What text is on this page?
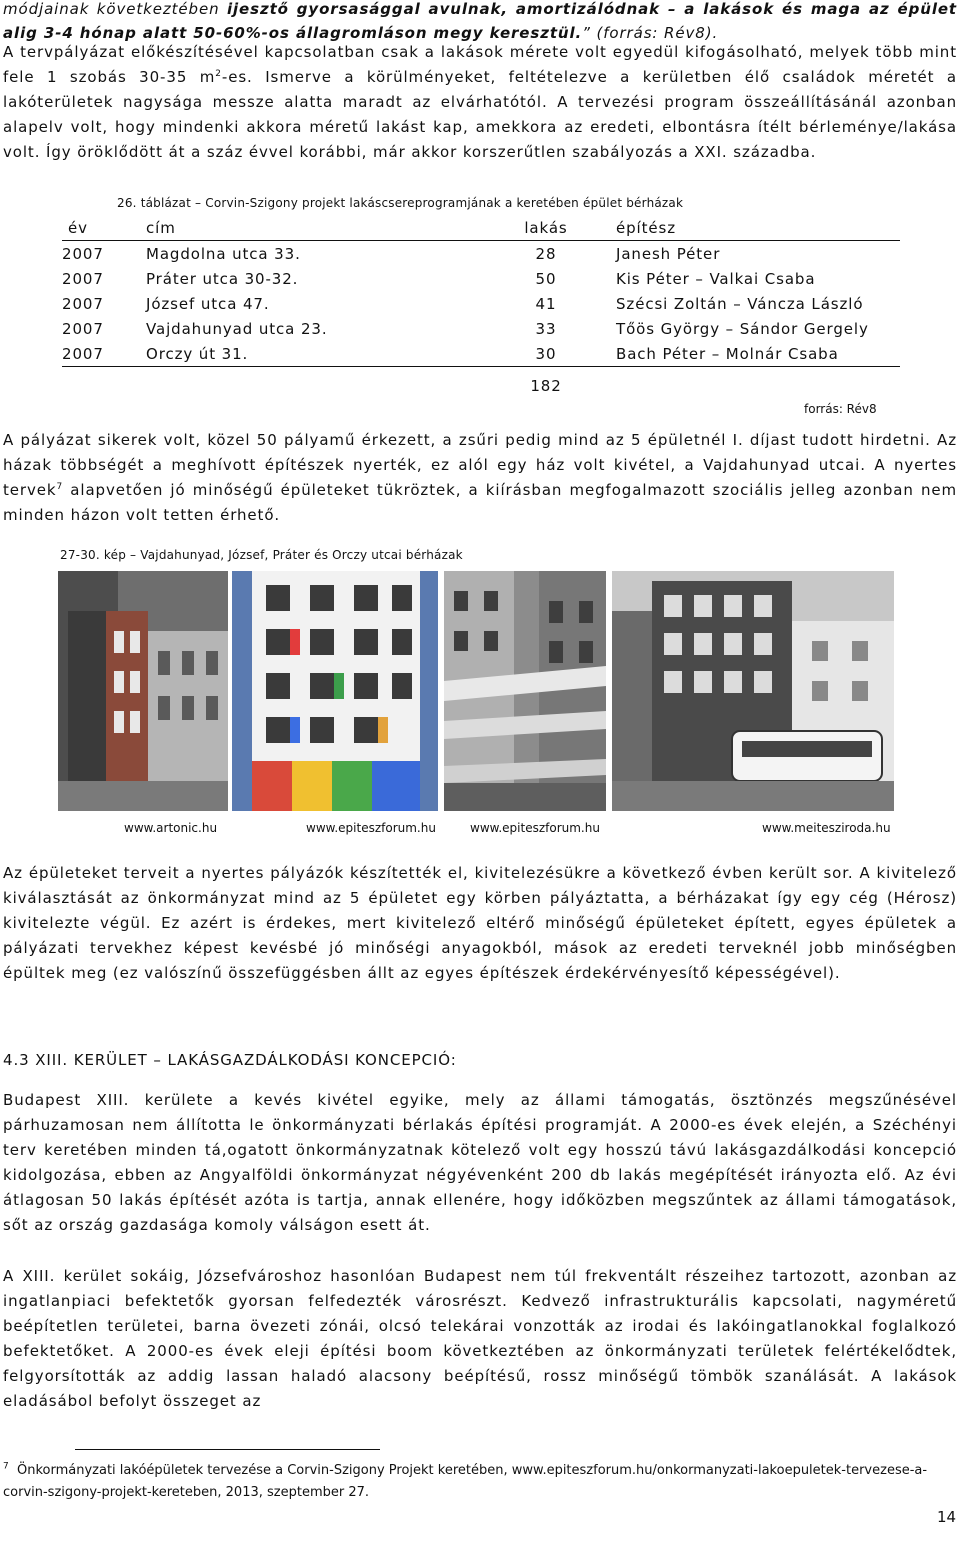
módjainak következtében ijesztő gyorsasággal avulnak, amortizálódnak – a lakások és maga az épület alig 3-4 hónap alatt 50-60%-os állagromláson megy keresztül.” (forrás: Rév8).

A tervpályázat előkészítésével kapcsolatban csak a lakások mérete volt egyedül kifogásolható, melyek több mint fele 1 szobás 30-35 $m^2-es$. Ismerve a körülményeket, feltételezve a kerületben élő családok méretét a lakóterületek nagysága messze alatta maradt az elvárhatótól. A tervezési program összeállításánál azonban alapelv volt, hogy mindenki akkora méretű lakást kap, amekkora az eredeti, elbontásra ítélt bérleménye/lakása volt. Így öröklődött át a száz évvel korábbi, már akkor korszerűtlen szabályozás a XXI. századba.

26. táblázat – Corvin-Szigony projekt lakáscsereprogramjának a keretében épület bérházak
év	cím	lakás	építész
2007	Magdolna utca 33.	28	Janesh Péter
2007	Práter utca 30-32.	50	Kis Péter – Valkai Csaba
2007	József utca 47.	41	Szécsi Zoltán – Váncza László
2007	Vajdahunyad utca 23.	33	Tőös György – Sándor Gergely
2007	Orczy út 31.	30	Bach Péter – Molnár Csaba
		182	
forrás: Rév8

A pályázat sikerek volt, közel 50 pályamű érkezett, a zsűri pedig mind az 5 épületnél I. díjast tudott hirdetni. Az házak többségét a meghívott építészek nyerték, ez alól egy ház volt kivétel, a Vajdahunyad utcai. A nyertes tervek$^7$ alapvetően jó minőségű épületeket tükröztek, a kiírásban megfogalmazott szociális jelleg azonban nem minden házon volt tetten érhető.

27-30. kép – Vajdahunyad, József, Práter és Orczy utcai bérházak
www.artonic.hu	www.epiteszforum.hu	www.epiteszforum.hu	www.meiteszirodа.hu

Az épületeket terveit a nyertes pályázók készítették el, kivitelezésükre a következő évben került sor. A kivitelező kiválasztását az önkormányzat mind az 5 épületet egy körben pályáztatta, a bérházakat így egy cég (Hérosz) kivitelezte végül. Ez azért is érdekes, mert kivitelező eltérő minőségű épületeket épített, egyes épületek a pályázati tervekhez képest kevésbé jó minőségi anyagokból, mások az eredeti terveknél jobb minőségben épültek meg (ez valószínű összefüggésben állt az egyes építészek érdekérvényesítő képességével).

4.3 XIII. KERÜLET – LAKÁSGAZDÁLKODÁSI KONCEPCIÓ:

Budapest XIII. kerülete a kevés kivétel egyike, mely az állami támogatás, ösztönzés megszűnésével párhuzamosan nem állította le önkormányzati bérlakás építési programját. A 2000-es évek elején, a Széchényi terv keretében minden tá,ogatott önkormányzatnak kötelező volt egy hosszú távú lakásgazdálkodási koncepció kidolgozása, ebben az Angyalföldi önkormányzat négyévenként 200 db lakás megépítését irányozta elő. Az évi átlagosan 50 lakás építését azóta is tartja, annak ellenére, hogy időközben megszűntek az állami támogatások, sőt az ország gazdasága komoly válságon esett át.

A XIII. kerület sokáig, Józsefvároshoz hasonlóan Budapest nem túl frekventált részeihez tartozott, azonban az ingatlanpiaci befektetők gyorsan felfedezték városrészt. Kedvező infrastrukturális kapcsolati, nagyméretű beépítetlen területei, barna övezeti zónái, olcsó telekárai vonzották az irodai és lakóingatlanokkal foglalkozó befektetőket. A 2000-es évek eleji építési boom következtében az önkormányzati területek felértékelődtek, felgyorsították az addig lassan haladó alacsony beépítésű, rossz minőségű tömbök szanálását. A lakások eladásábol befolyt összeget az

$^7$ Önkormányzati lakóépületek tervezése a Corvin-Szigony Projekt keretében, www.epiteszforum.hu/onkormanyzati-lakoepuletek-tervezese-a-corvin-szigony-projekt-kereteben, 2013, szeptember 27.

14
